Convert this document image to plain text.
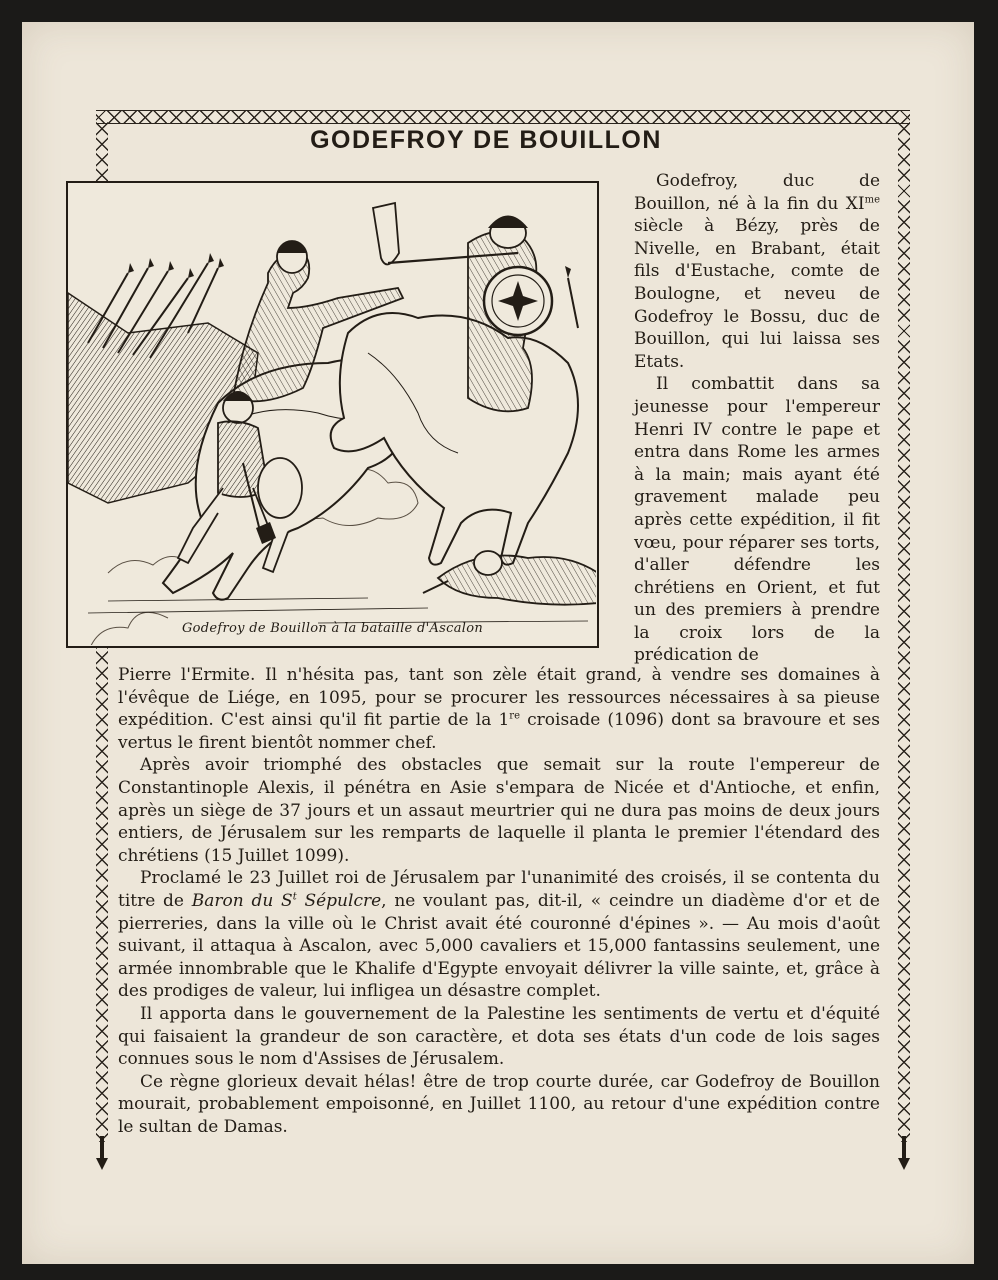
GODEFROY DE BOUILLON
Godefroy de Bouillon à la bataille d'Ascalon

Godefroy, duc de Bouillon, né à la fin du $XI^{me}$ siècle à Bézy, près de Nivelle, en Brabant, était fils d'Eustache, comte de Boulogne, et neveu de Godefroy le Bossu, duc de Bouillon, qui lui laissa ses Etats.

Il combattit dans sa jeunesse pour l'empereur Henri IV contre le pape et entra dans Rome les armes à la main; mais ayant été gravement malade peu après cette expédition, il fit vœu, pour réparer ses torts, d'aller défendre les chrétiens en Orient, et fut un des premiers à prendre la croix lors de la prédication de

Pierre l'Ermite. Il n'hésita pas, tant son zèle était grand, à vendre ses domaines à l'évêque de Liége, en 1095, pour se procurer les ressources nécessaires à sa pieuse expédition. C'est ainsi qu'il fit partie de la 1re croisade (1096) dont sa bravoure et ses vertus le firent bientôt nommer chef.

Après avoir triomphé des obstacles que semait sur la route l'empereur de Constantinople Alexis, il pénétra en Asie s'empara de Nicée et d'Antioche, et enfin, après un siège de 37 jours et un assaut meurtrier qui ne dura pas moins de deux jours entiers, de Jérusalem sur les remparts de laquelle il planta le premier l'étendard des chrétiens (15 Juillet 1099).

Proclamé le 23 Juillet roi de Jérusalem par l'unanimité des croisés, il se contenta du titre de Baron du $S^t$ Sépulcre, ne voulant pas, dit-il, « ceindre un diadème d'or et de pierreries, dans la ville où le Christ avait été couronné d'épines ». — Au mois d'août suivant, il attaqua à Ascalon, avec 5,000 cavaliers et 15,000 fantassins seulement, une armée innombrable que le Khalife d'Egypte envoyait délivrer la ville sainte, et, grâce à des prodiges de valeur, lui infligea un désastre complet.

Il apporta dans le gouvernement de la Palestine les sentiments de vertu et d'équité qui faisaient la grandeur de son caractère, et dota ses états d'un code de lois sages connues sous le nom d'Assises de Jérusalem.

Ce règne glorieux devait hélas! être de trop courte durée, car Godefroy de Bouillon mourait, probablement empoisonné, en Juillet 1100, au retour d'une expédition contre le sultan de Damas.
